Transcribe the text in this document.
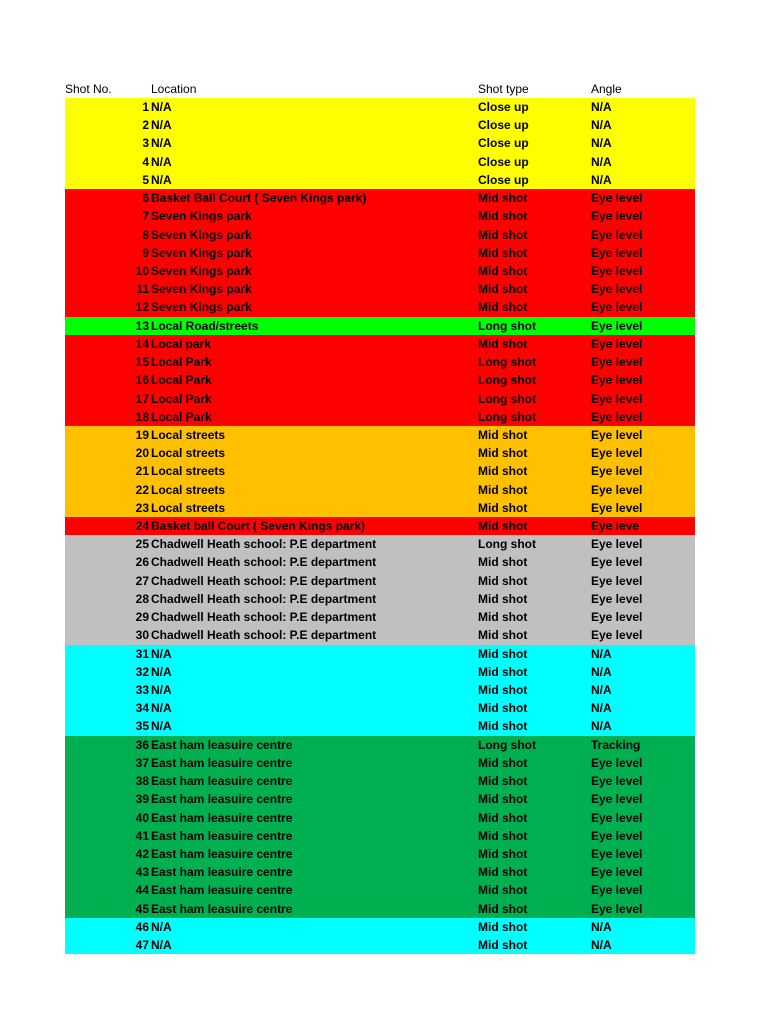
Shot No.	Location	Shot type	Angle
1 N/A	Close up	N/A
2 N/A	Close up	N/A
3 N/A	Close up	N/A
4 N/A	Close up	N/A
5 N/A	Close up	N/A
6 Basket Ball Court ( Seven Kings park)	Mid shot	Eye level
7 Seven Kings park	Mid shot	Eye level
8 Seven Kings park	Mid shot	Eye level
9 Seven Kings park	Mid shot	Eye level
10 Seven Kings park	Mid shot	Eye level
11 Seven Kings park	Mid shot	Eye level
12 Seven Kings park	Mid shot	Eye level
13 Local Road/streets	Long shot	Eye level
14 Local park	Mid shot	Eye level
15 Local Park	Long shot	Eye level
16 Local Park	Long shot	Eye level
17 Local Park	Long shot	Eye level
18 Local Park	Long shot	Eye level
19 Local streets	Mid shot	Eye level
20 Local streets	Mid shot	Eye level
21 Local streets	Mid shot	Eye level
22 Local streets	Mid shot	Eye level
23 Local streets	Mid shot	Eye level
24 Basket ball Court ( Seven Kings park)	Mid shot	Eye leve
25 Chadwell Heath school: P.E department	Long shot	Eye level
26 Chadwell Heath school: P.E department	Mid shot	Eye level
27 Chadwell Heath school: P.E department	Mid shot	Eye level
28 Chadwell Heath school: P.E department	Mid shot	Eye level
29 Chadwell Heath school: P.E department	Mid shot	Eye level
30 Chadwell Heath school: P.E department	Mid shot	Eye level
31 N/A	Mid shot	N/A
32 N/A	Mid shot	N/A
33 N/A	Mid shot	N/A
34 N/A	Mid shot	N/A
35 N/A	Mid shot	N/A
36 East ham leasuire centre	Long shot	Tracking
37 East ham leasuire centre	Mid shot	Eye level
38 East ham leasuire centre	Mid shot	Eye level
39 East ham leasuire centre	Mid shot	Eye level
40 East ham leasuire centre	Mid shot	Eye level
41 East ham leasuire centre	Mid shot	Eye level
42 East ham leasuire centre	Mid shot	Eye level
43 East ham leasuire centre	Mid shot	Eye level
44 East ham leasuire centre	Mid shot	Eye level
45 East ham leasuire centre	Mid shot	Eye level
46 N/A	Mid shot	N/A
47 N/A	Mid shot	N/A
